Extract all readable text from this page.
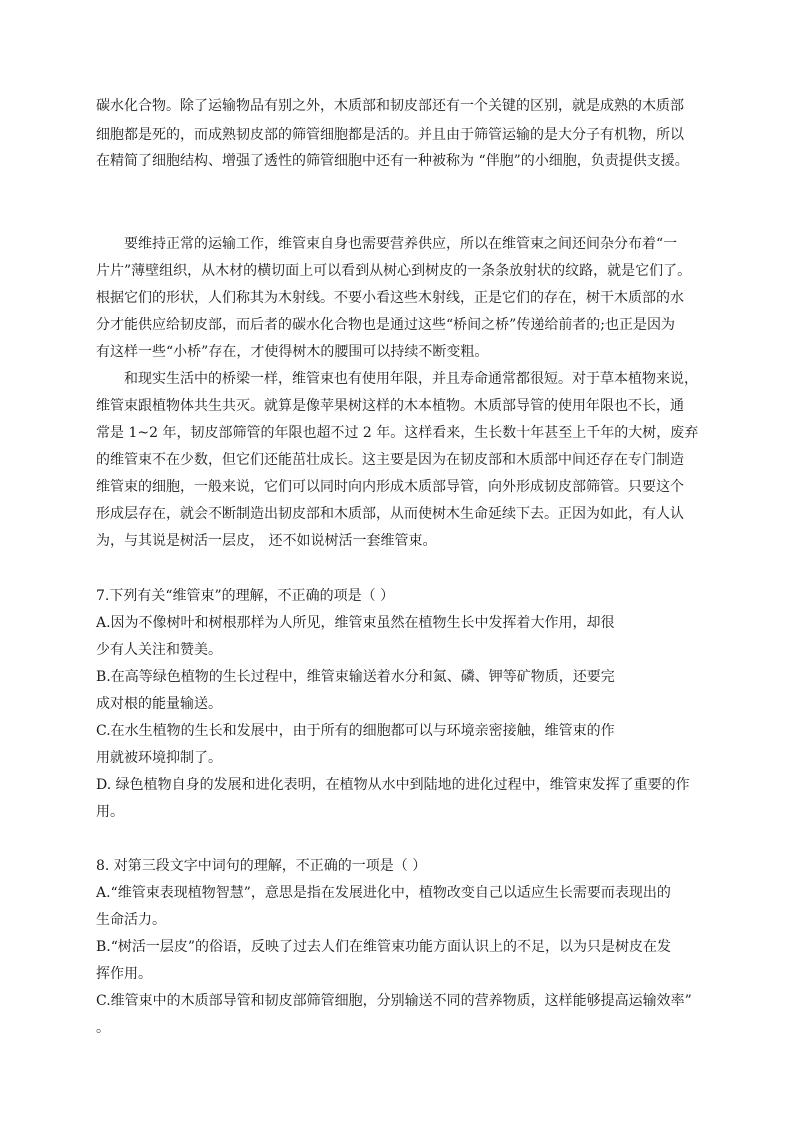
碳水化合物。除了运输物品有别之外，木质部和韧皮部还有一个关键的区别，就是成熟的木质部
细胞都是死的，而成熟韧皮部的筛管细胞都是活的。并且由于筛管运输的是大分子有机物，所以
在精简了细胞结构、增强了透性的筛管细胞中还有一种被称为 “伴胞”的小细胞，负责提供支援。
要维持正常的运输工作，维管束自身也需要营养供应，所以在维管束之间还间杂分布着“一
片片”薄壁组织，从木材的横切面上可以看到从树心到树皮的一条条放射状的纹路，就是它们了。
根据它们的形状，人们称其为木射线。不要小看这些木射线，正是它们的存在，树干木质部的水
分才能供应给韧皮部，而后者的碳水化合物也是通过这些“桥间之桥”传递给前者的;也正是因为
有这样一些“小桥”存在，才使得树木的腰围可以持续不断变粗。
和现实生活中的桥梁一样，维管束也有使用年限，并且寿命通常都很短。对于草本植物来说，
维管束跟植物体共生共灭。就算是像苹果树这样的木本植物。木质部导管的使用年限也不长，通
常是 1~2 年，韧皮部筛管的年限也超不过 2 年。这样看来，生长数十年甚至上千年的大树，废弃
的维管束不在少数，但它们还能茁壮成长。这主要是因为在韧皮部和木质部中间还存在专门制造
维管束的细胞，一般来说，它们可以同时向内形成木质部导管，向外形成韧皮部筛管。只要这个
形成层存在，就会不断制造出韧皮部和木质部，从而使树木生命延续下去。正因为如此，有人认
为，与其说是树活一层皮， 还不如说树活一套维管束。
7.下列有关“维管束”的理解，不正确的项是（ ）
A.因为不像树叶和树根那样为人所见，维管束虽然在植物生长中发挥着大作用，却很
少有人关注和赞美。
B.在高等绿色植物的生长过程中，维管束输送着水分和氮、磷、钾等矿物质，还要完
成对根的能量输送。
C.在水生植物的生长和发展中，由于所有的细胞都可以与环境亲密接触，维管束的作
用就被环境抑制了。
D. 绿色植物自身的发展和进化表明，在植物从水中到陆地的进化过程中，维管束发挥了重要的作
用。
8. 对第三段文字中词句的理解，不正确的一项是（ ）
A.“维管束表现植物智慧”，意思是指在发展进化中，植物改变自己以适应生长需要而表现出的
生命活力。
B.“树活一层皮”的俗语，反映了过去人们在维管束功能方面认识上的不足，以为只是树皮在发
挥作用。
C.维管束中的木质部导管和韧皮部筛管细胞，分别输送不同的营养物质，这样能够提高运输效率”
。
